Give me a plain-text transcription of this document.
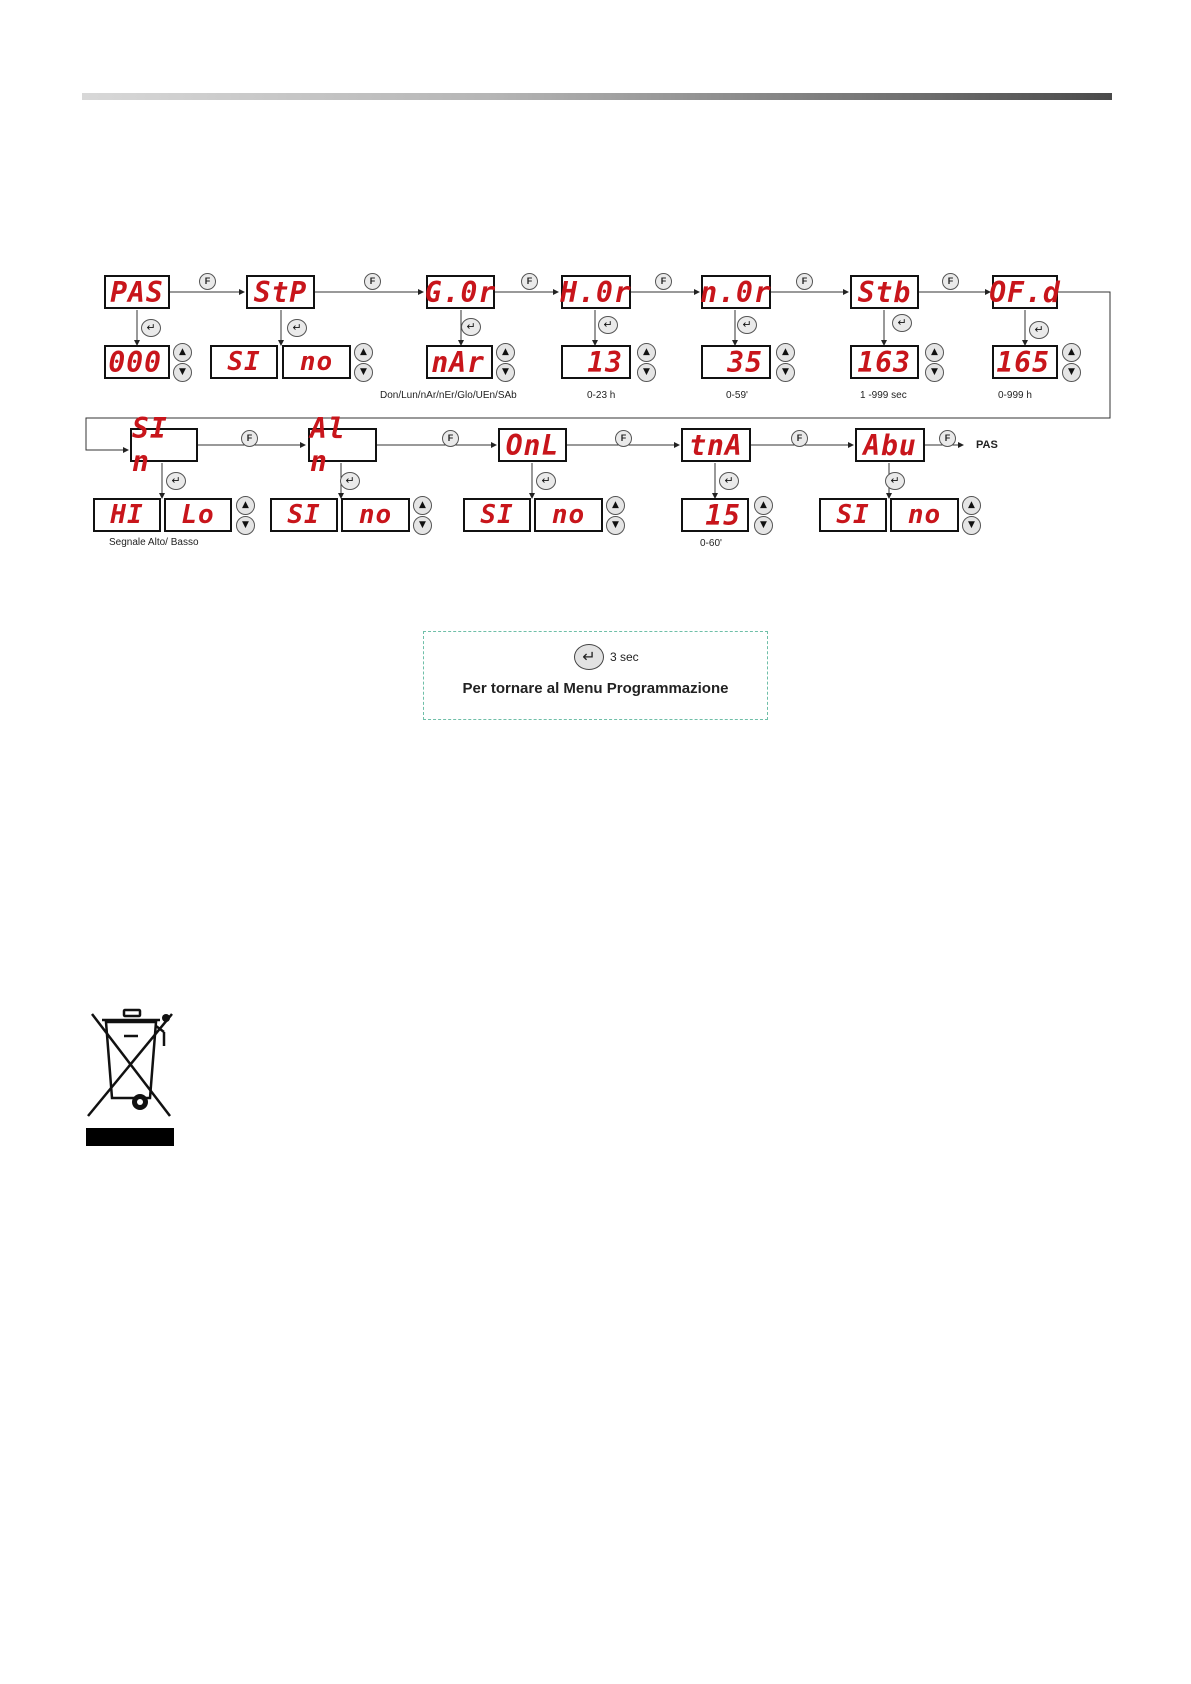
PAS	StP	G.0r H.0r n.0r	Stb	OF.d
F	F	F	F	F	F
↵	↵	↵	↵	↵	↵
↵
000	SI	no	nAr	13	35	163	165
▲
▼
▲
▼
▲
▼
▲
▼
▲
▼
▲
▼
▲
▼
Don/Lun/nAr/nEr/Glo/UEn/SAb	0-23 h	0-59'	1 -999 sec	0-999 h
SI n
Al n	OnL	tnA	Abu
F	F	F	F	F
PAS
↵	↵	↵	↵	↵
HI	Lo	SI	no	SI	no	15	SI	no
▲
▼
▲
▼
▲
▼
▲
▼
▲
▼
Segnale Alto/ Basso	0-60'
↵	3 sec
Per tornare al Menu Programmazione
